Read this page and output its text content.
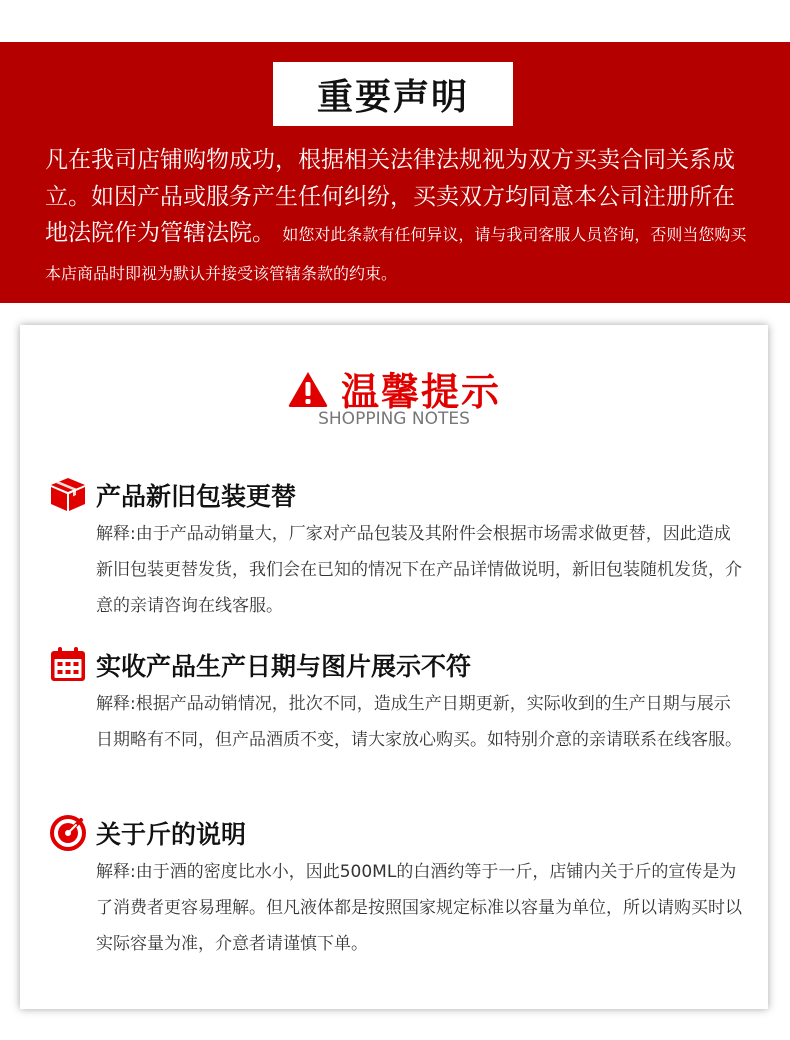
重要声明
凡在我司店铺购物成功，根据相关法律法规视为双方买卖合同关系成立。如因产品或服务产生任何纠纷，买卖双方均同意本公司注册所在地法院作为管辖法院。 如您对此条款有任何异议，请与我司客服人员咨询，否则当您购买本店商品时即视为默认并接受该管辖条款的约束。
温馨提示
SHOPPING NOTES
产品新旧包装更替
解释:由于产品动销量大，厂家对产品包装及其附件会根据市场需求做更替，因此造成新旧包装更替发货，我们会在已知的情况下在产品详情做说明，新旧包装随机发货，介意的亲请咨询在线客服。
实收产品生产日期与图片展示不符
解释:根据产品动销情况，批次不同，造成生产日期更新，实际收到的生产日期与展示日期略有不同，但产品酒质不变，请大家放心购买。如特别介意的亲请联系在线客服。
关于斤的说明
解释:由于酒的密度比水小，因此500ML的白酒约等于一斤，店铺内关于斤的宣传是为了消费者更容易理解。但凡液体都是按照国家规定标准以容量为单位，所以请购买时以实际容量为准，介意者请谨慎下单。
